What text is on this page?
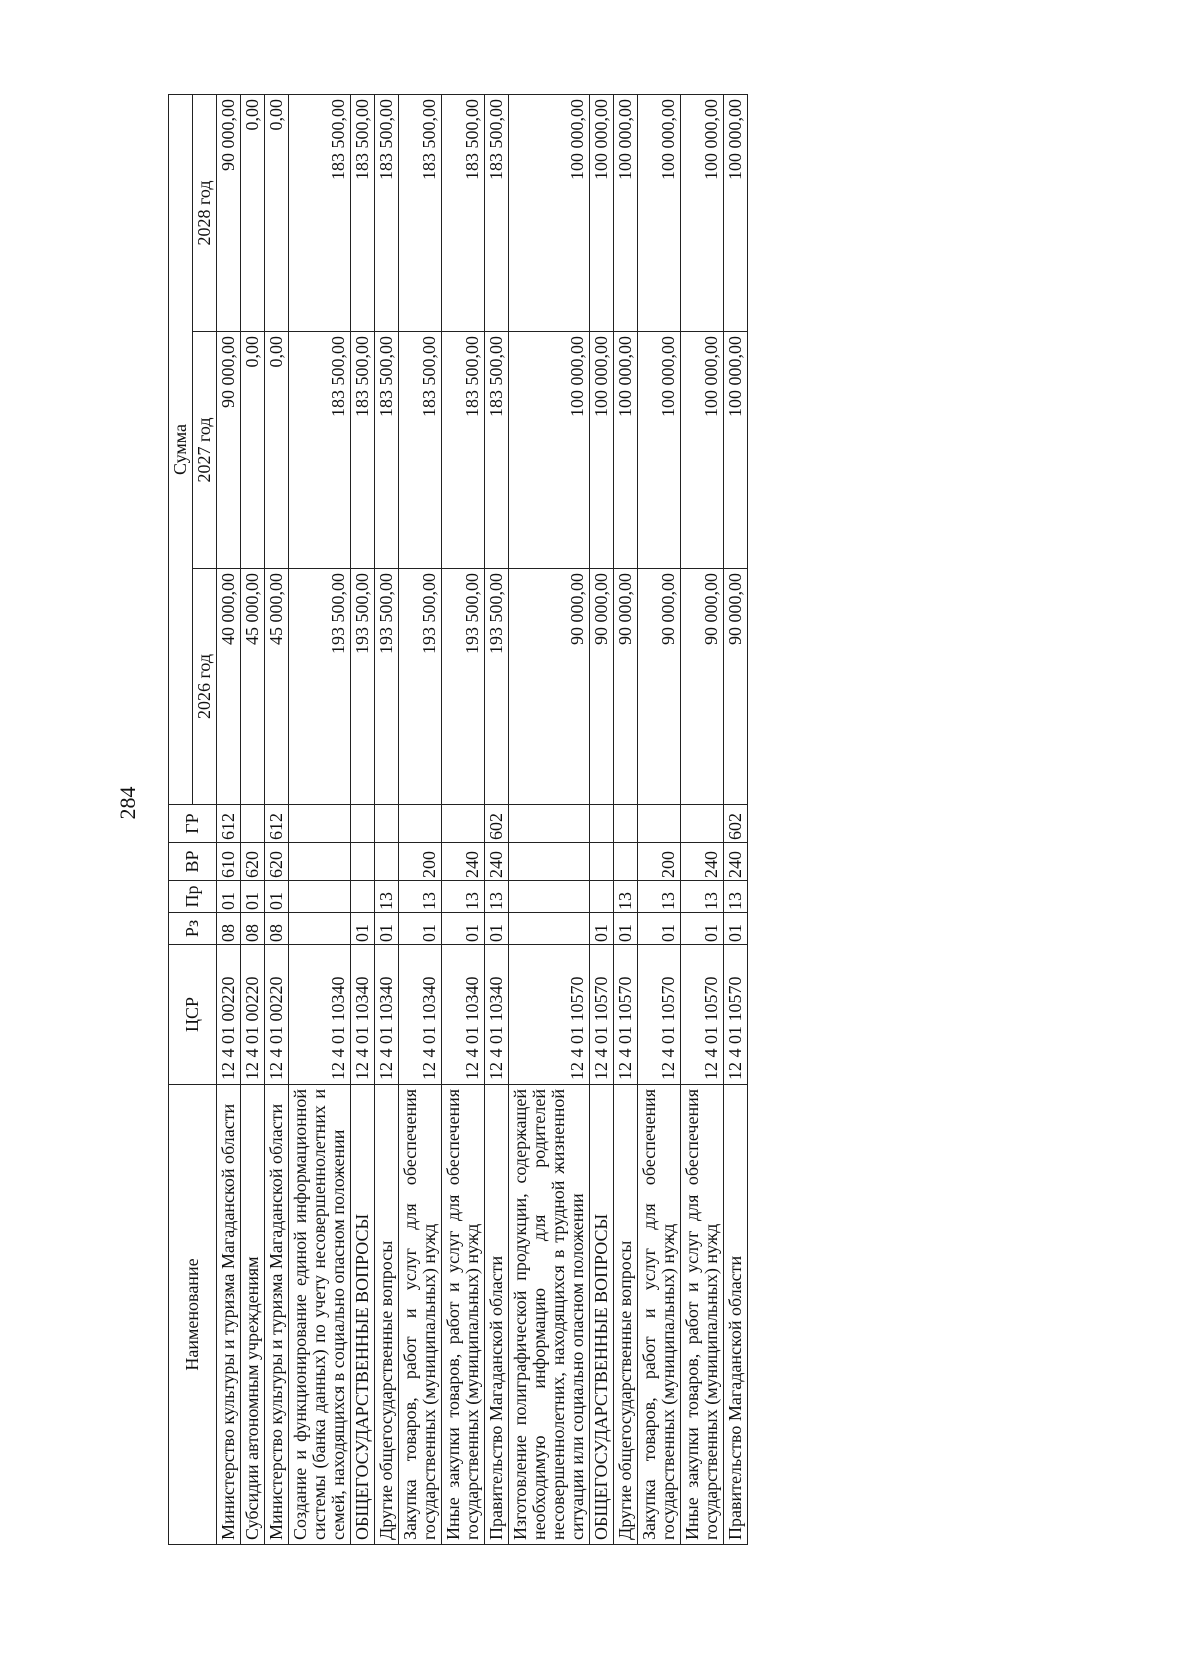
284
Наименование	ЦСР	Рз	Пр	ВР	ГР	Сумма		
						2026 год	2027 год	2028 год
Министерство культуры и туризма Магаданской области	12 4 01 00220	08	01	610	612	40 000,00	90 000,00	90 000,00
Субсидии автономным учреждениям	12 4 01 00220	08	01	620		45 000,00	0,00	0,00
Министерство культуры и туризма Магаданской области	12 4 01 00220	08	01	620	612	45 000,00	0,00	0,00
Создание и функционирование единой информационной системы (банка данных) по учету несовершеннолетних и семей, находящихся в социально опасном положении	12 4 01 10340					193 500,00	183 500,00	183 500,00
ОБЩЕГОСУДАРСТВЕННЫЕ ВОПРОСЫ	12 4 01 10340	01				193 500,00	183 500,00	183 500,00
Другие общегосударственные вопросы	12 4 01 10340	01	13			193 500,00	183 500,00	183 500,00
Закупка товаров, работ и услуг для обеспечения государственных (муниципальных) нужд	12 4 01 10340	01	13	200		193 500,00	183 500,00	183 500,00
Иные закупки товаров, работ и услуг для обеспечения государственных (муниципальных) нужд	12 4 01 10340	01	13	240		193 500,00	183 500,00	183 500,00
Правительство Магаданской области	12 4 01 10340	01	13	240	602	193 500,00	183 500,00	183 500,00
Изготовление полиграфической продукции, содержащей необходимую информацию для родителей несовершеннолетних, находящихся в трудной жизненной ситуации или социально опасном положении	12 4 01 10570					90 000,00	100 000,00	100 000,00
ОБЩЕГОСУДАРСТВЕННЫЕ ВОПРОСЫ	12 4 01 10570	01				90 000,00	100 000,00	100 000,00
Другие общегосударственные вопросы	12 4 01 10570	01	13			90 000,00	100 000,00	100 000,00
Закупка товаров, работ и услуг для обеспечения государственных (муниципальных) нужд	12 4 01 10570	01	13	200		90 000,00	100 000,00	100 000,00
Иные закупки товаров, работ и услуг для обеспечения государственных (муниципальных) нужд	12 4 01 10570	01	13	240		90 000,00	100 000,00	100 000,00
Правительство Магаданской области	12 4 01 10570	01	13	240	602	90 000,00	100 000,00	100 000,00
